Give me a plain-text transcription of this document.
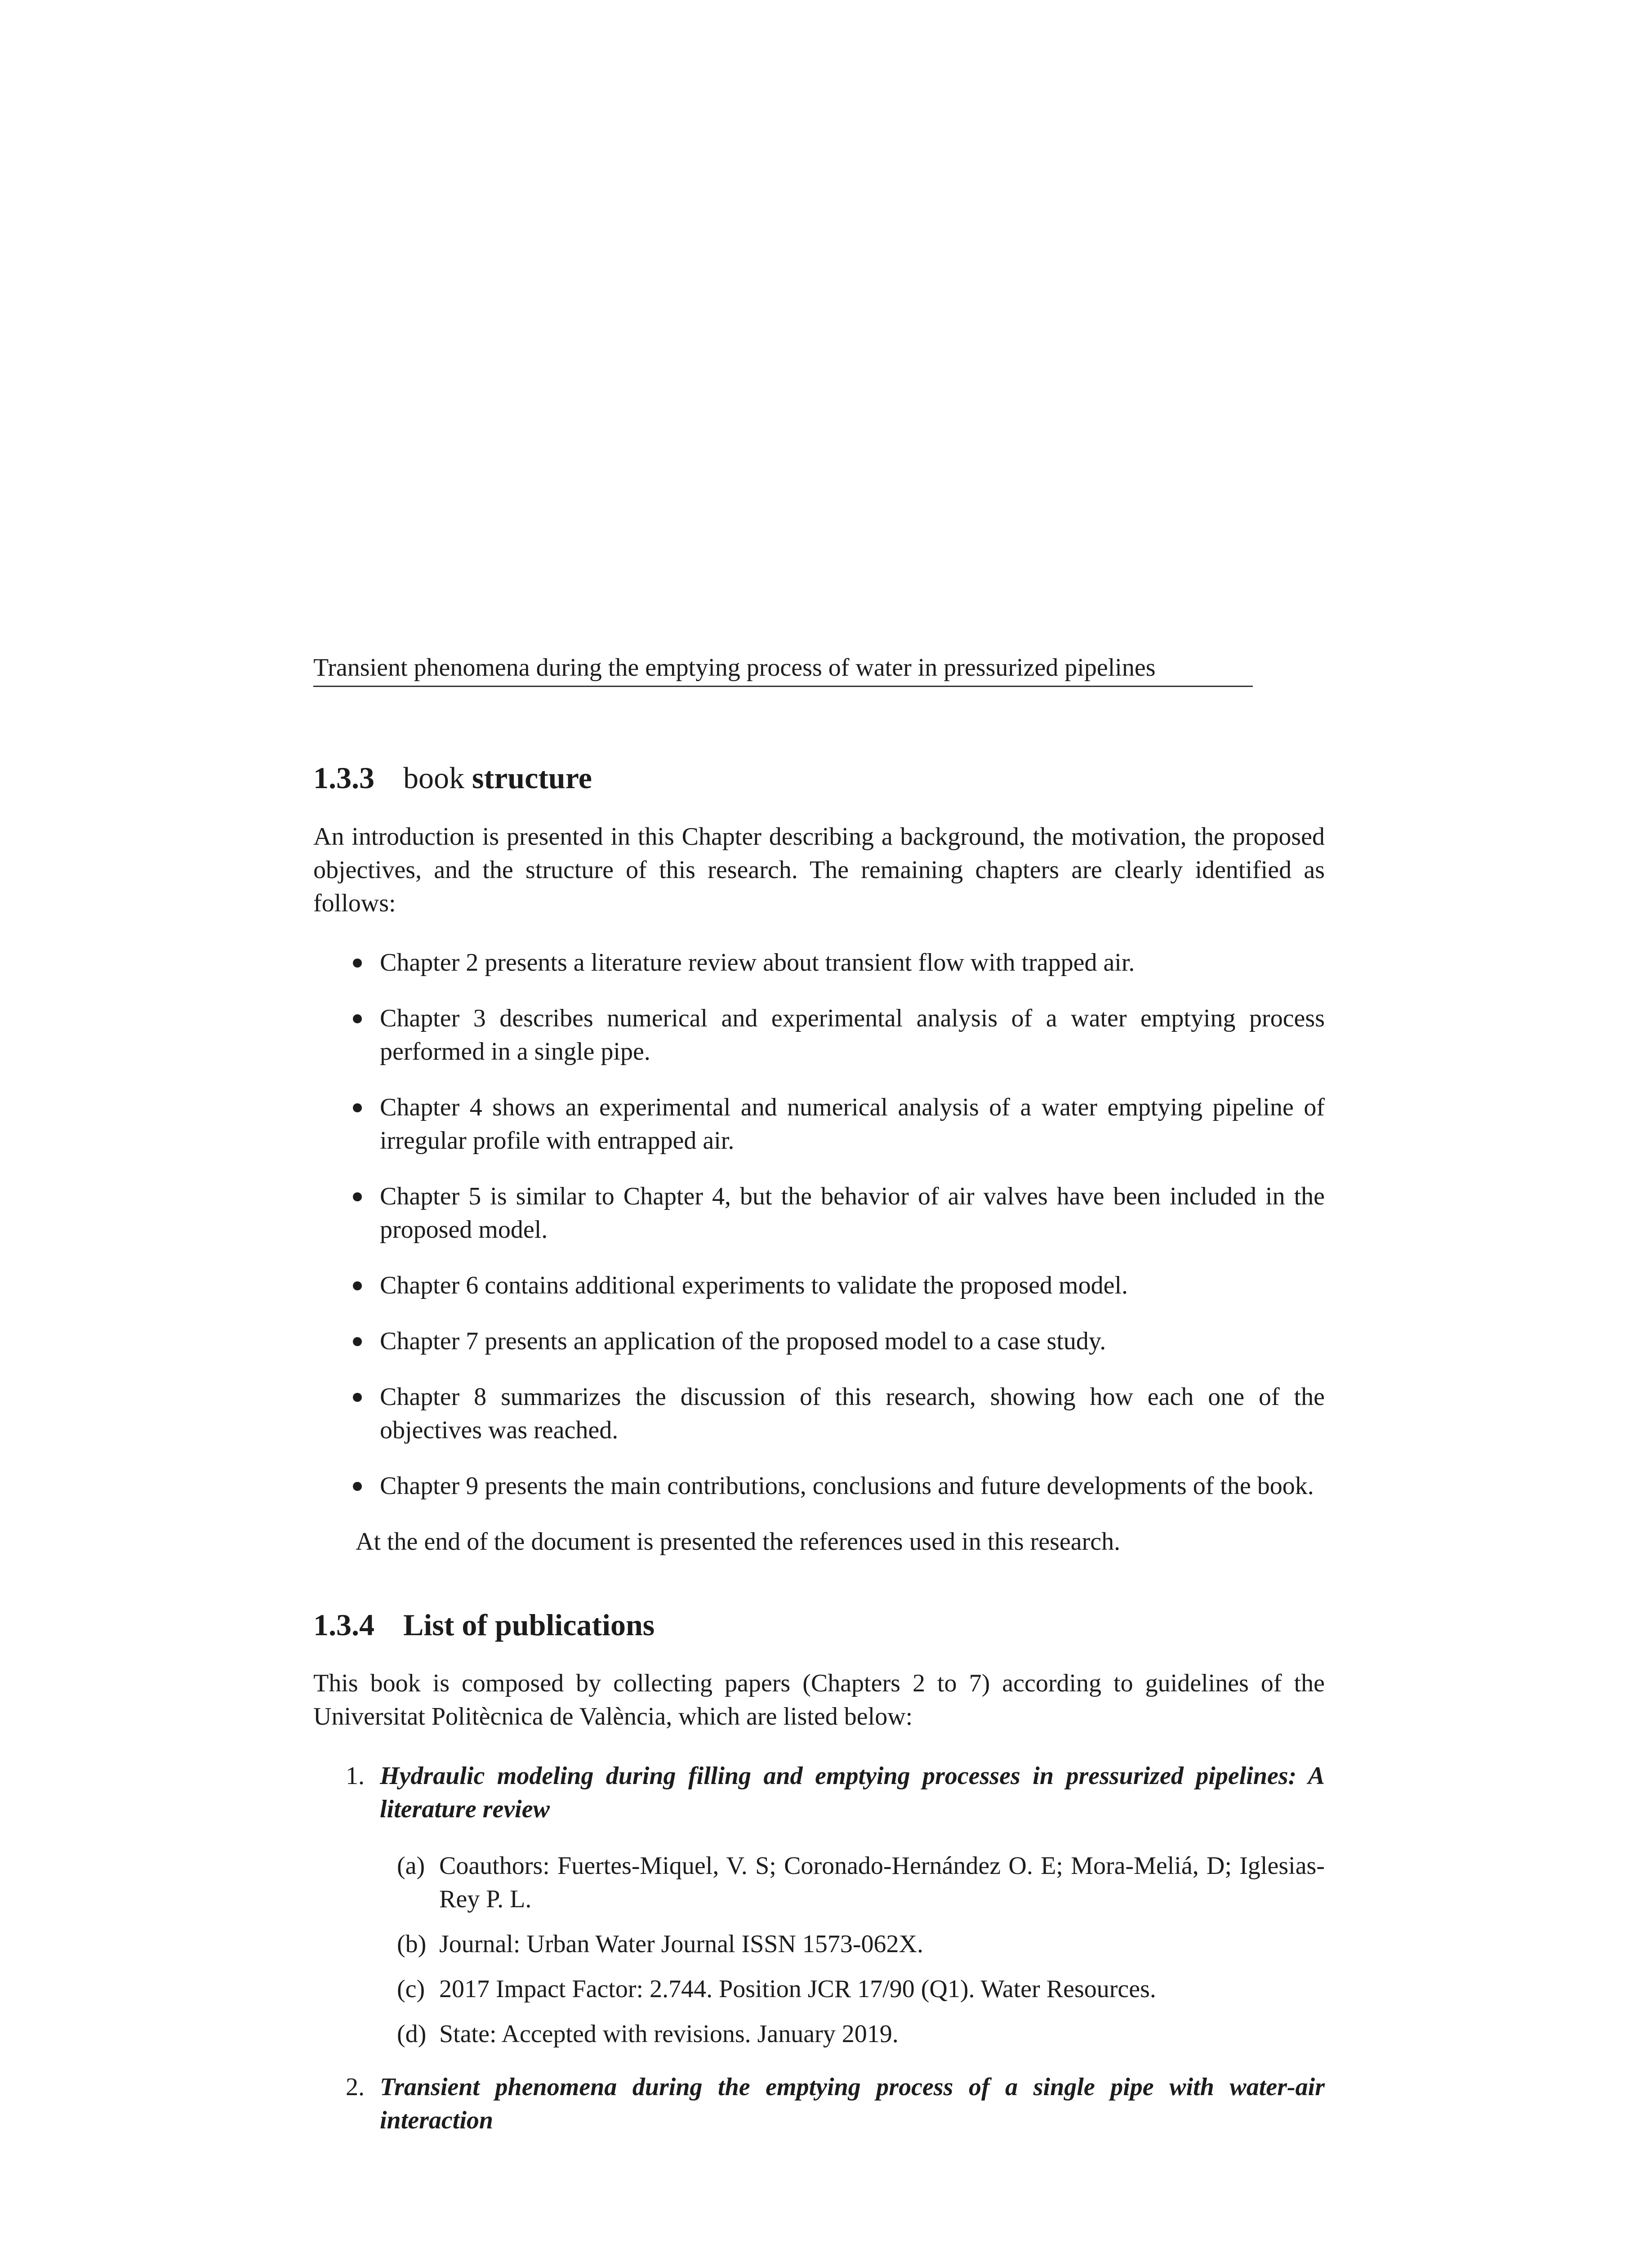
Transient phenomena during the emptying process of water in pressurized pipelines
1.3.3 book structure

An introduction is presented in this Chapter describing a background, the motivation, the proposed objectives, and the structure of this research. The remaining chapters are clearly identified as follows:

Chapter 2 presents a literature review about transient flow with trapped air.
Chapter 3 describes numerical and experimental analysis of a water emptying process performed in a single pipe.
Chapter 4 shows an experimental and numerical analysis of a water emptying pipeline of irregular profile with entrapped air.
Chapter 5 is similar to Chapter 4, but the behavior of air valves have been included in the proposed model.
Chapter 6 contains additional experiments to validate the proposed model.
Chapter 7 presents an application of the proposed model to a case study.
Chapter 8 summarizes the discussion of this research, showing how each one of the objectives was reached.
Chapter 9 presents the main contributions, conclusions and future developments of the book.

At the end of the document is presented the references used in this research.

1.3.4 List of publications

This book is composed by collecting papers (Chapters 2 to 7) according to guidelines of the Universitat Politècnica de València, which are listed below:

1. Hydraulic modeling during filling and emptying processes in pressurized pipelines: A literature review
(a) Coauthors: Fuertes-Miquel, V. S; Coronado-Hernández O. E; Mora-Meliá, D; Iglesias-Rey P. L.
(b) Journal: Urban Water Journal ISSN 1573-062X.
(c) 2017 Impact Factor: 2.744. Position JCR 17/90 (Q1). Water Resources.
(d) State: Accepted with revisions. January 2019.
2. Transient phenomena during the emptying process of a single pipe with water-air interaction
